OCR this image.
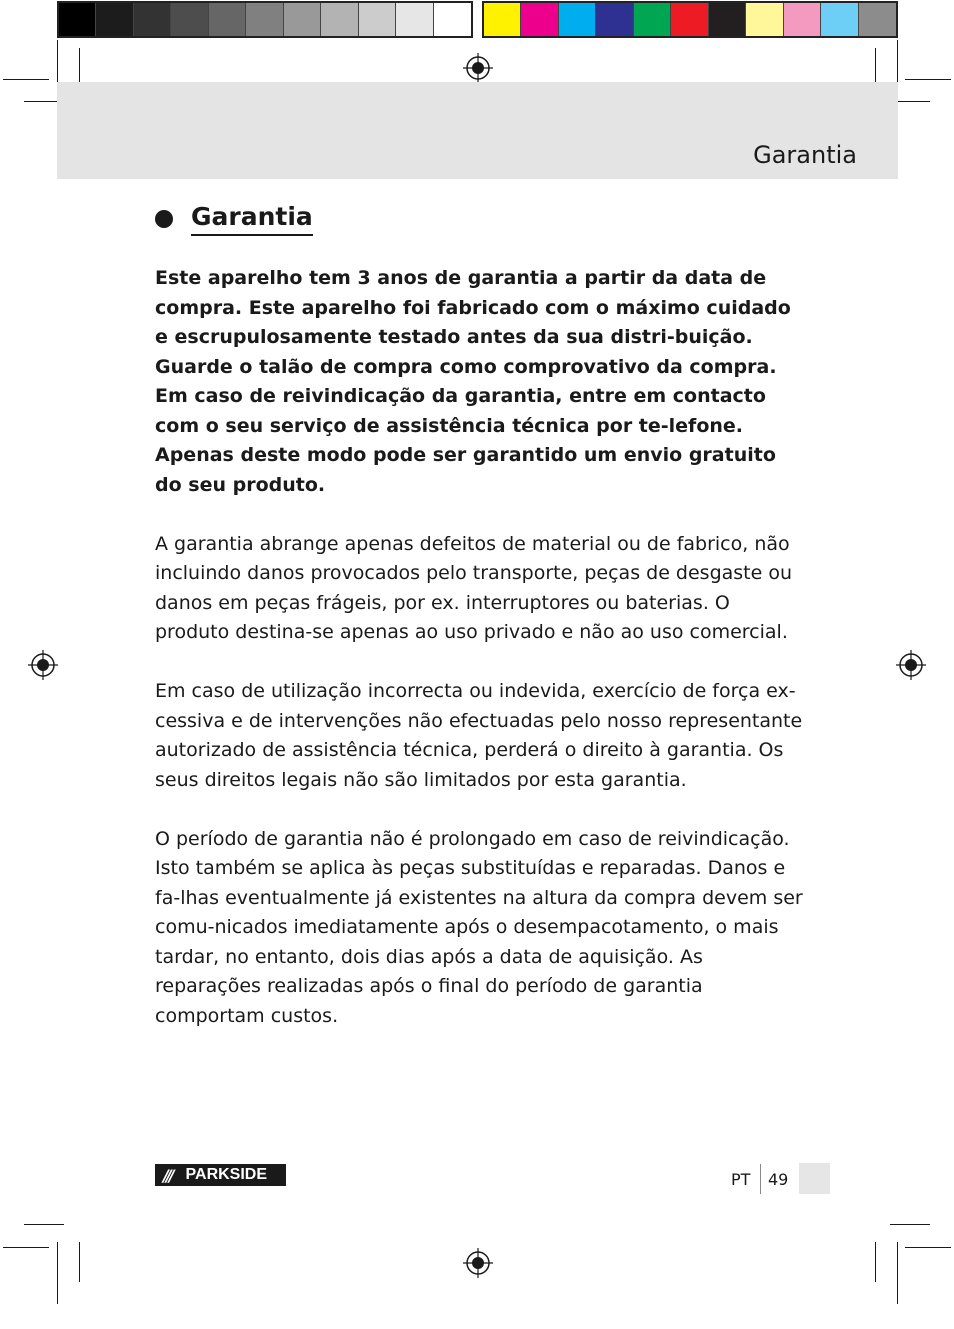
Garantia
Garantia

Este aparelho tem 3 anos de garantia a partir da data de compra. Este aparelho foi fabricado com o máximo cuidado e escrupulosamente testado antes da sua distri-buição. Guarde o talão de compra como comprovativo da compra. Em caso de reivindicação da garantia, entre em contacto com o seu serviço de assistência técnica por te-lefone. Apenas deste modo pode ser garantido um envio gratuito do seu produto.

A garantia abrange apenas defeitos de material ou de fabrico, não incluindo danos provocados pelo transporte, peças de desgaste ou danos em peças frágeis, por ex. interruptores ou baterias. O produto destina-se apenas ao uso privado e não ao uso comercial.

Em caso de utilização incorrecta ou indevida, exercício de força ex-cessiva e de intervenções não efectuadas pelo nosso representante autorizado de assistência técnica, perderá o direito à garantia. Os seus direitos legais não são limitados por esta garantia.

O período de garantia não é prolongado em caso de reivindicação. Isto também se aplica às peças substituídas e reparadas. Danos e fa-lhas eventualmente já existentes na altura da compra devem ser comu-nicados imediatamente após o desempacotamento, o mais tardar, no entanto, dois dias após a data de aquisição. As reparações realizadas após o final do período de garantia comportam custos.

/// PARKSIDE	PT 49
